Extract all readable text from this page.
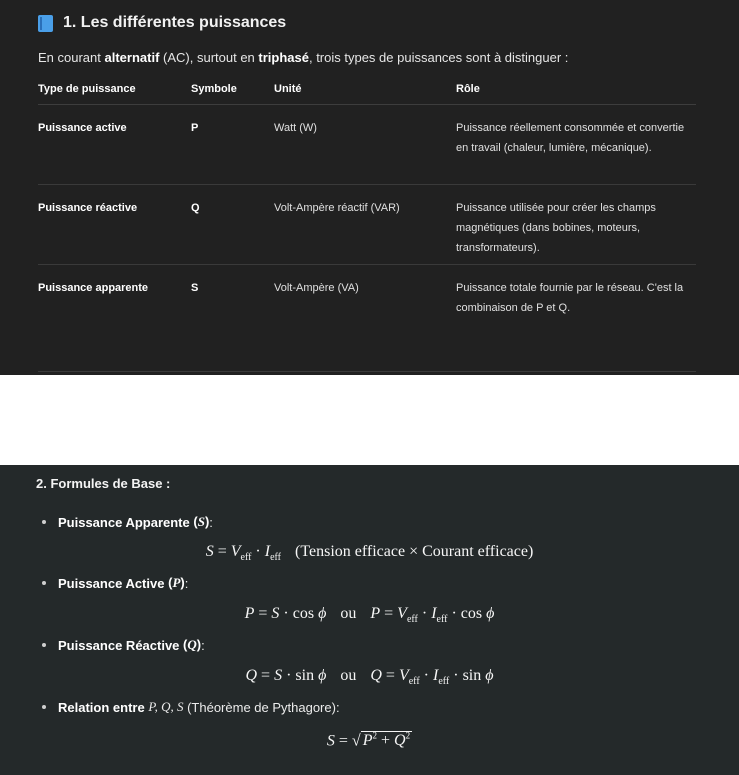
1. Les différentes puissances
En courant alternatif (AC), surtout en triphasé, trois types de puissances sont à distinguer :
Type de puissance	Symbole	Unité	Rôle
Puissance active	P	Watt (W)	Puissance réellement consommée et convertie en travail (chaleur, lumière, mécanique).
Puissance réactive	Q	Volt-Ampère réactif (VAR)	Puissance utilisée pour créer les champs magnétiques (dans bobines, moteurs, transformateurs).
Puissance apparente	S	Volt-Ampère (VA)	Puissance totale fournie par le réseau. C'est la combinaison de P et Q.
2. Formules de Base :
Puissance Apparente
(S) :
$S = V_{eff} \cdot I_{eff}$ (Tension efficace × Courant efficace)
Puissance Active
(P) :
P = S · cos ϕ ou $P = V_{eff} \cdot I_{eff} \cdot \cos \phi$
Puissance Réactive
(Q) :
Q = S · sin ϕ ou $Q = V_{eff} \cdot I_{eff} \cdot \sin \phi$
Relation entre
P, Q, S
(Théorème de Pythagore) :
S = √ $P^2 + Q^2$
